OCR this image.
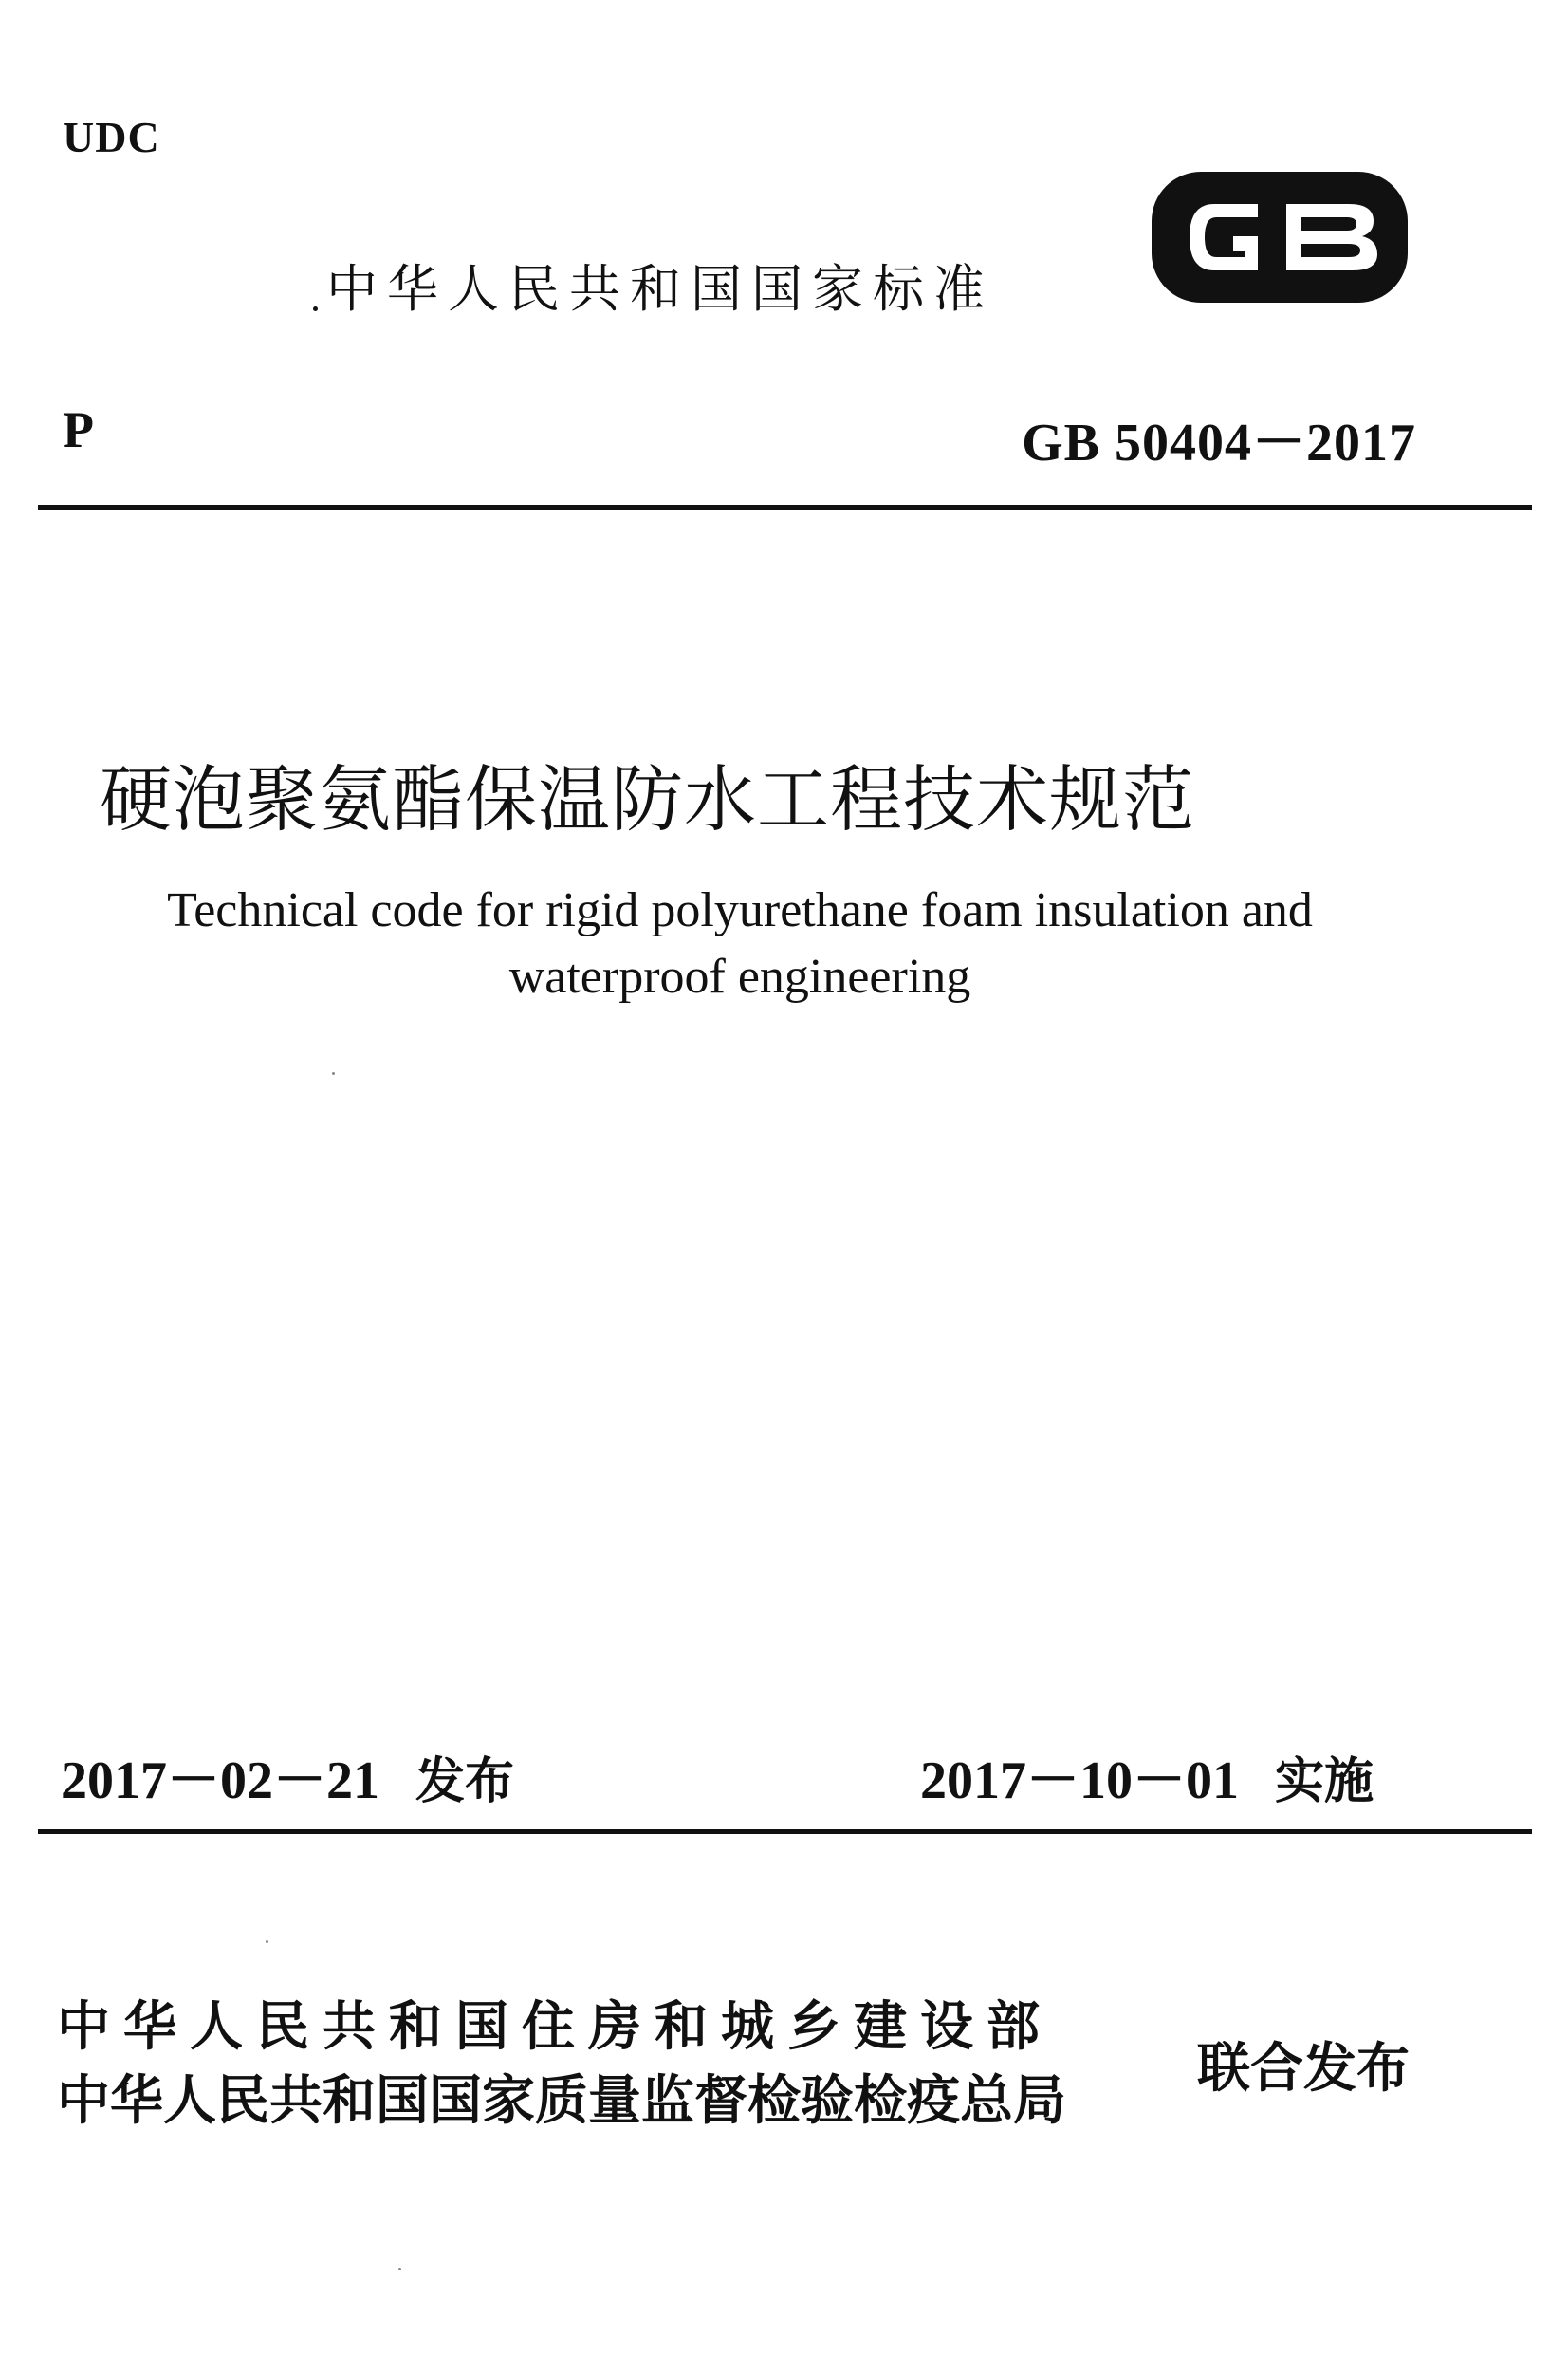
UDC
中华人民共和国国家标准
P	GB 50404－2017
硬泡聚氨酯保温防水工程技术规范
Technical code for rigid polyurethane foam insulation and
waterproof engineering
2017－02－21 发布	2017－10－01 实施
中华人民共和国住房和城乡建设部
中华人民共和国国家质量监督检验检疫总局
联合发布
